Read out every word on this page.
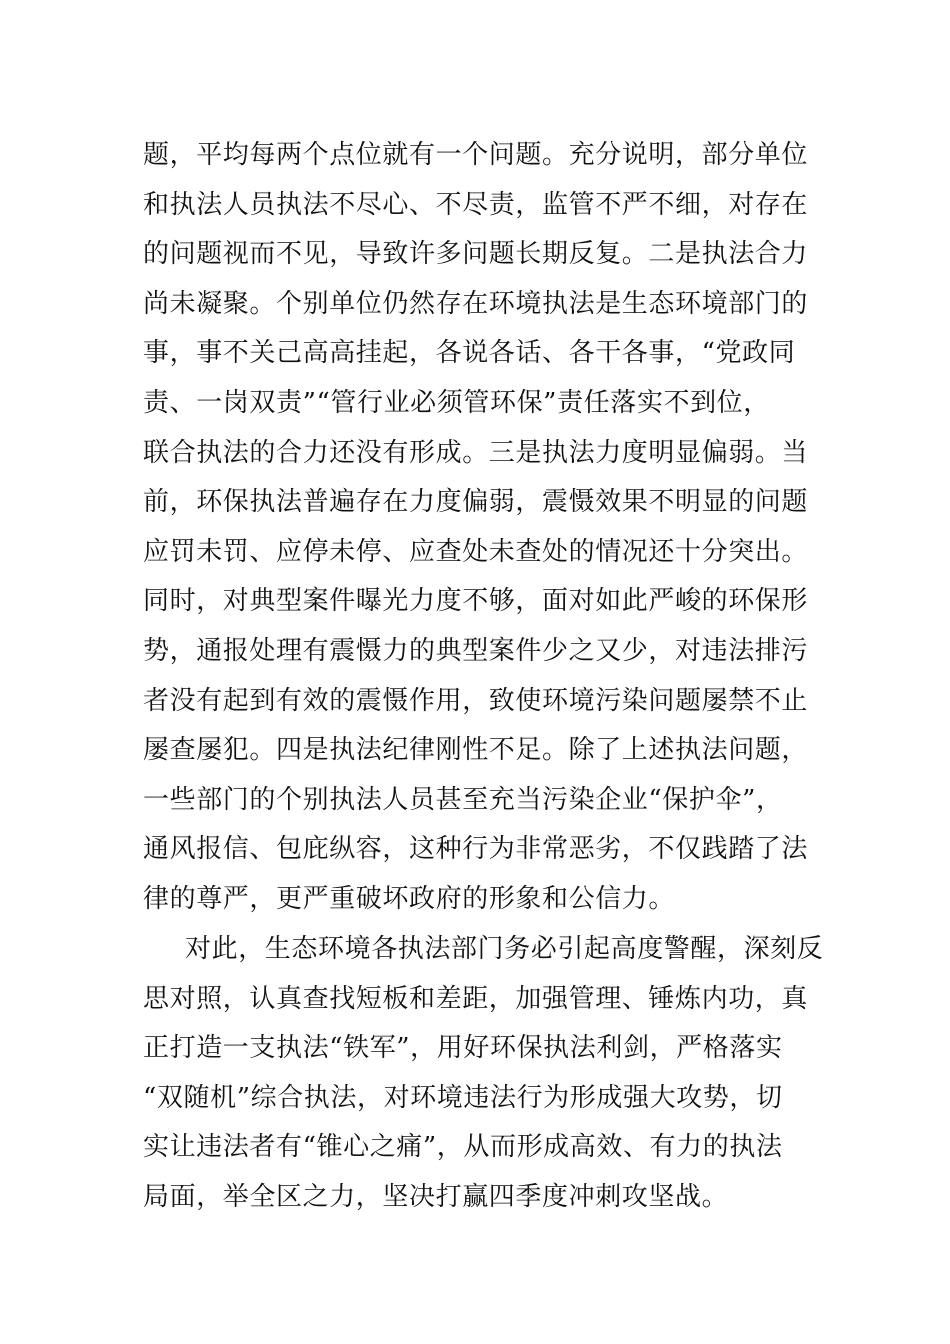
题，平均每两个点位就有一个问题。充分说明，部分单位
和执法人员执法不尽心、不尽责，监管不严不细，对存在
的问题视而不见，导致许多问题长期反复。二是执法合力
尚未凝聚。个别单位仍然存在环境执法是生态环境部门的
事，事不关己高高挂起，各说各话、各干各事，“党政同
责、一岗双责”“管行业必须管环保”责任落实不到位，
联合执法的合力还没有形成。三是执法力度明显偏弱。当
前，环保执法普遍存在力度偏弱，震慑效果不明显的问题
应罚未罚、应停未停、应查处未查处的情况还十分突出。
同时，对典型案件曝光力度不够，面对如此严峻的环保形
势，通报处理有震慑力的典型案件少之又少，对违法排污
者没有起到有效的震慑作用，致使环境污染问题屡禁不止
屡查屡犯。四是执法纪律刚性不足。除了上述执法问题，
一些部门的个别执法人员甚至充当污染企业“保护伞”，
通风报信、包庇纵容，这种行为非常恶劣，不仅践踏了法
律的尊严，更严重破坏政府的形象和公信力。
对此，生态环境各执法部门务必引起高度警醒，深刻反
思对照，认真查找短板和差距，加强管理、锤炼内功，真
正打造一支执法“铁军”，用好环保执法利剑，严格落实
“双随机”综合执法，对环境违法行为形成强大攻势，切
实让违法者有“锥心之痛”，从而形成高效、有力的执法
局面，举全区之力，坚决打赢四季度冲刺攻坚战。
